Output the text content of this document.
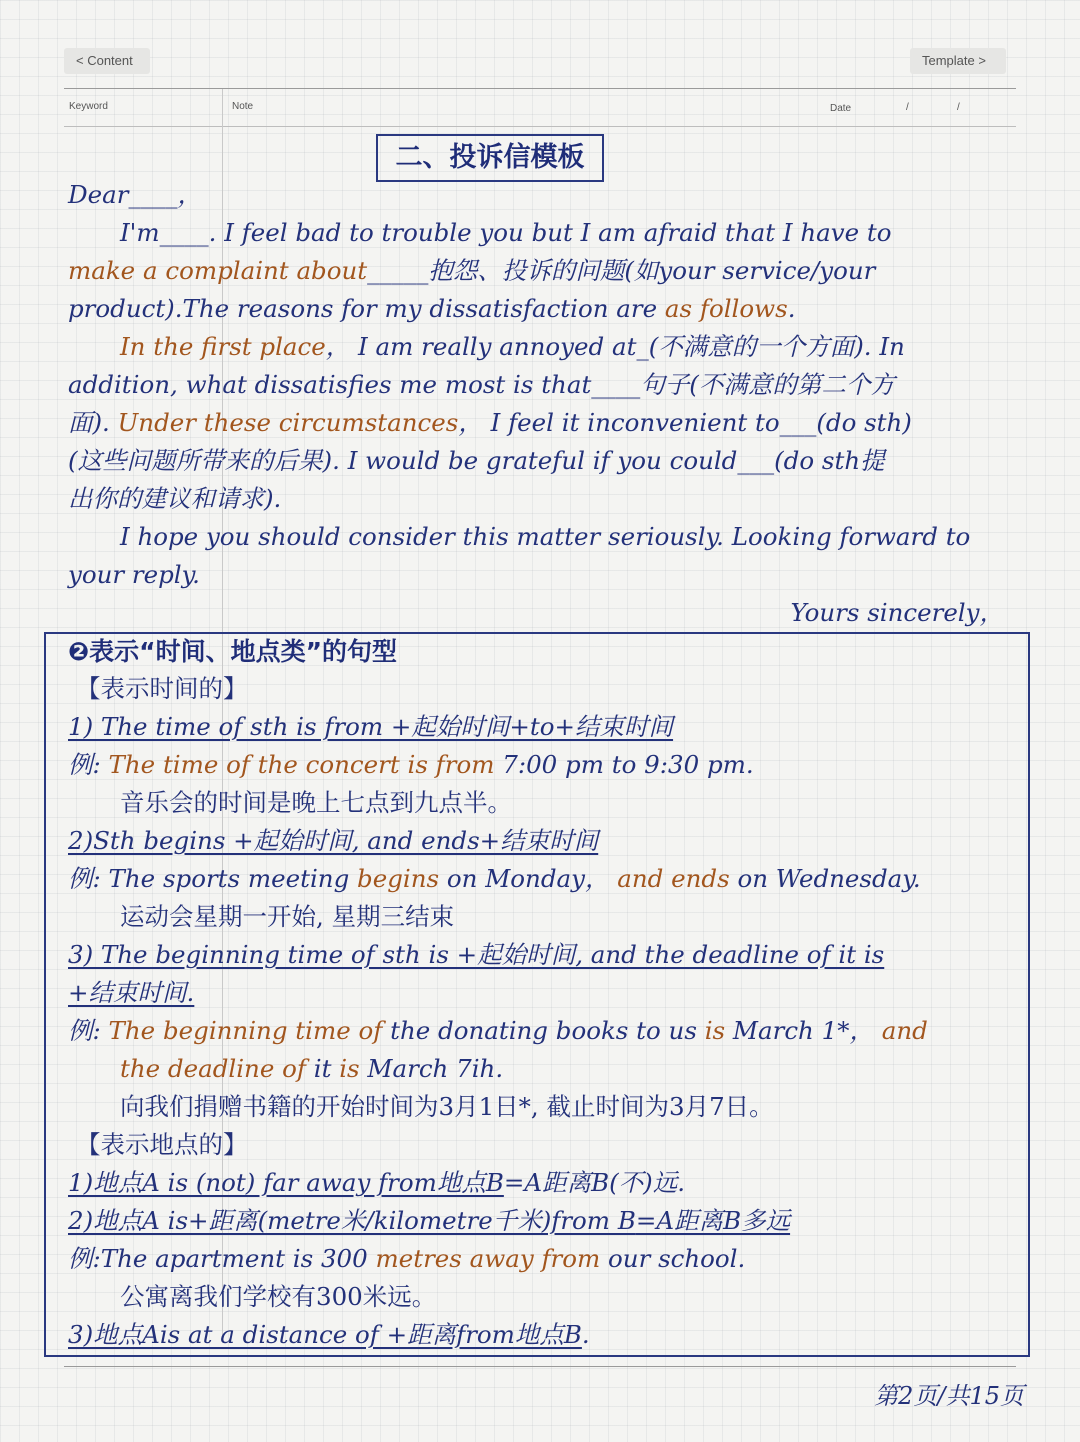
< Content	Template >
Keyword	Note	Date	/	/
二、投诉信模板
Dear____，
I'm____. I feel bad to trouble you but I am afraid that I have to
make a complaint about_____抱怨、投诉的问题(如your service/your
product).The reasons for my dissatisfaction are as follows.
In the first place， I am really annoyed at_(不满意的一个方面). In
addition, what dissatisfies me most is that____句子(不满意的第二个方
面). Under these circumstances， I feel it inconvenient to___(do sth)
(这些问题所带来的后果). I would be grateful if you could___(do sth提
出你的建议和请求).
I hope you should consider this matter seriously. Looking forward to
your reply.
Yours sincerely，
❷表示“时间、地点类”的句型
【表示时间的】
1) The time of sth is from +起始时间+to+结束时间
例: The time of the concert is from 7:00 pm to 9:30 pm.
音乐会的时间是晚上七点到九点半。
2)Sth begins +起始时间, and ends+结束时间
例: The sports meeting begins on Monday， and ends on Wednesday.
运动会星期一开始, 星期三结束
3) The beginning time of sth is +起始时间, and the deadline of it is
+结束时间.
例: The beginning time of the donating books to us is March 1*， and
the deadline of it is March 7ih.
向我们捐赠书籍的开始时间为3月1日*, 截止时间为3月7日。
【表示地点的】
1)地点A is (not) far away from地点B=A距离B(不)远.
2)地点A is+距离(metre米/kilometre千米)from B=A距离B多远
例:The apartment is 300 metres away from our school.
公寓离我们学校有300米远。
3)地点Ais at a distance of +距离from地点B.
第2页/共15页
